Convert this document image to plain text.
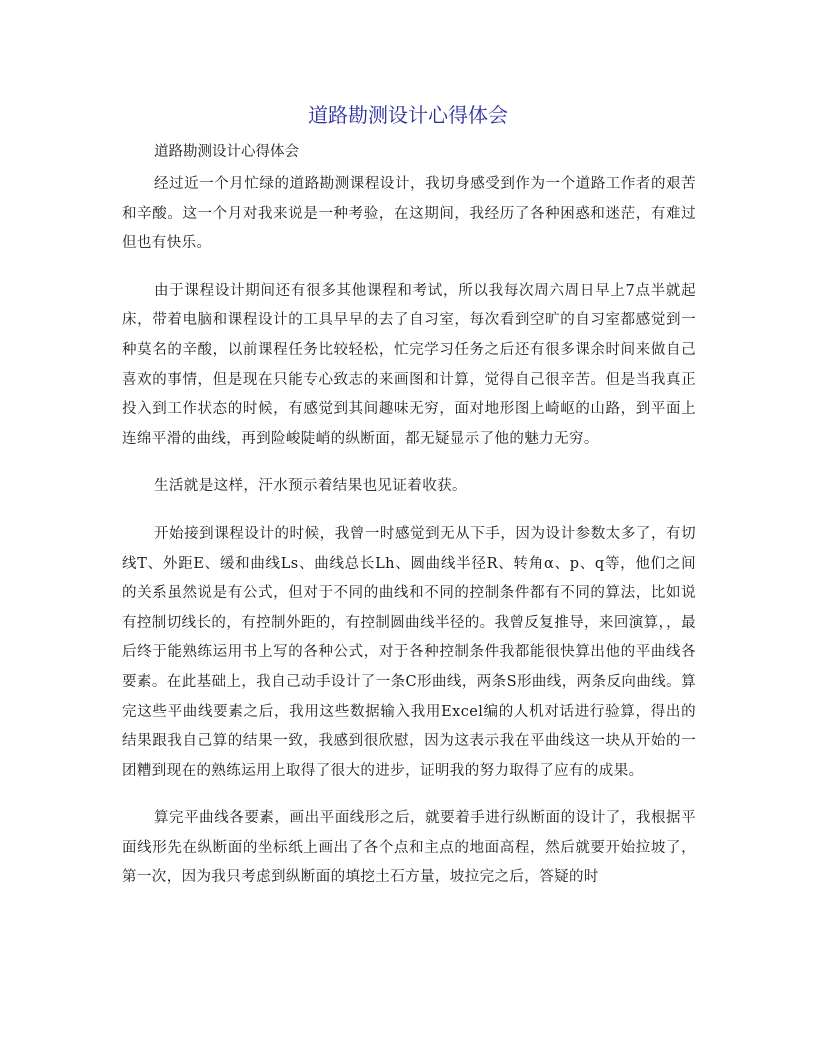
道路勘测设计心得体会
道路勘测设计心得体会

经过近一个月忙绿的道路勘测课程设计，我切身感受到作为一个道路工作者的艰苦和辛酸。这一个月对我来说是一种考验，在这期间，我经历了各种困惑和迷茫，有难过但也有快乐。

由于课程设计期间还有很多其他课程和考试，所以我每次周六周日早上7点半就起床，带着电脑和课程设计的工具早早的去了自习室，每次看到空旷的自习室都感觉到一种莫名的辛酸，以前课程任务比较轻松，忙完学习任务之后还有很多课余时间来做自己喜欢的事情，但是现在只能专心致志的来画图和计算，觉得自己很辛苦。但是当我真正投入到工作状态的时候，有感觉到其间趣味无穷，面对地形图上崎岖的山路，到平面上连绵平滑的曲线，再到险峻陡峭的纵断面，都无疑显示了他的魅力无穷。

生活就是这样，汗水预示着结果也见证着收获。

开始接到课程设计的时候，我曾一时感觉到无从下手，因为设计参数太多了，有切线T、外距E、缓和曲线Ls、曲线总长Lh、圆曲线半径R、转角α、p、q等，他们之间的关系虽然说是有公式，但对于不同的曲线和不同的控制条件都有不同的算法，比如说有控制切线长的，有控制外距的，有控制圆曲线半径的。我曾反复推导，来回演算，，最后终于能熟练运用书上写的各种公式，对于各种控制条件我都能很快算出他的平曲线各要素。在此基础上，我自己动手设计了一条C形曲线，两条S形曲线，两条反向曲线。算完这些平曲线要素之后，我用这些数据输入我用Excel编的人机对话进行验算，得出的结果跟我自己算的结果一致，我感到很欣慰，因为这表示我在平曲线这一块从开始的一团糟到现在的熟练运用上取得了很大的进步，证明我的努力取得了应有的成果。

算完平曲线各要素，画出平面线形之后，就要着手进行纵断面的设计了，我根据平面线形先在纵断面的坐标纸上画出了各个点和主点的地面高程，然后就要开始拉坡了，第一次，因为我只考虑到纵断面的填挖土石方量，坡拉完之后，答疑的时
